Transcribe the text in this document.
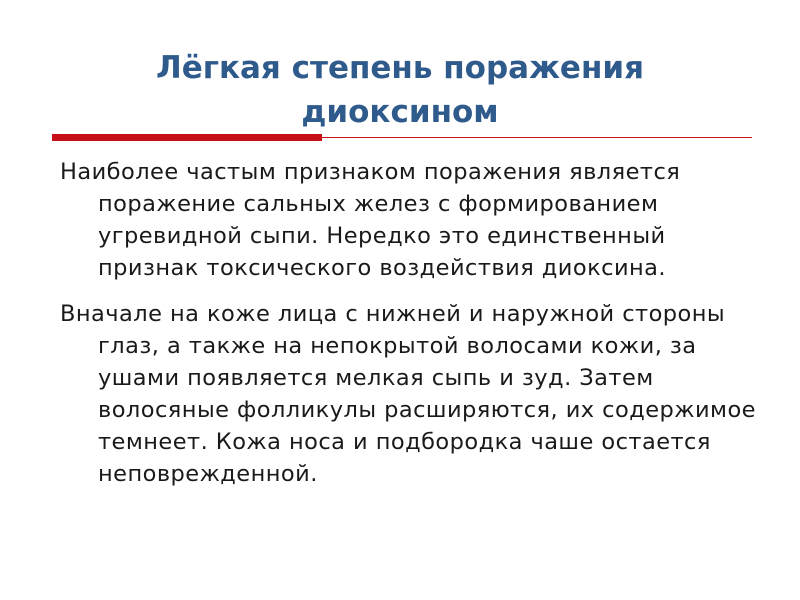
Лёгкая степень поражения диоксином

Наиболее частым признаком поражения является поражение сальных желез с формированием угревидной сыпи. Нередко это единственный признак токсического воздействия диоксина.

Вначале на коже лица с нижней и наружной стороны глаз, а также на непокрытой волосами кожи, за ушами появляется мелкая сыпь и зуд. Затем волосяные фолликулы расширяются, их содержимое темнеет. Кожа носа и подбородка чаше остается неповрежденной.
